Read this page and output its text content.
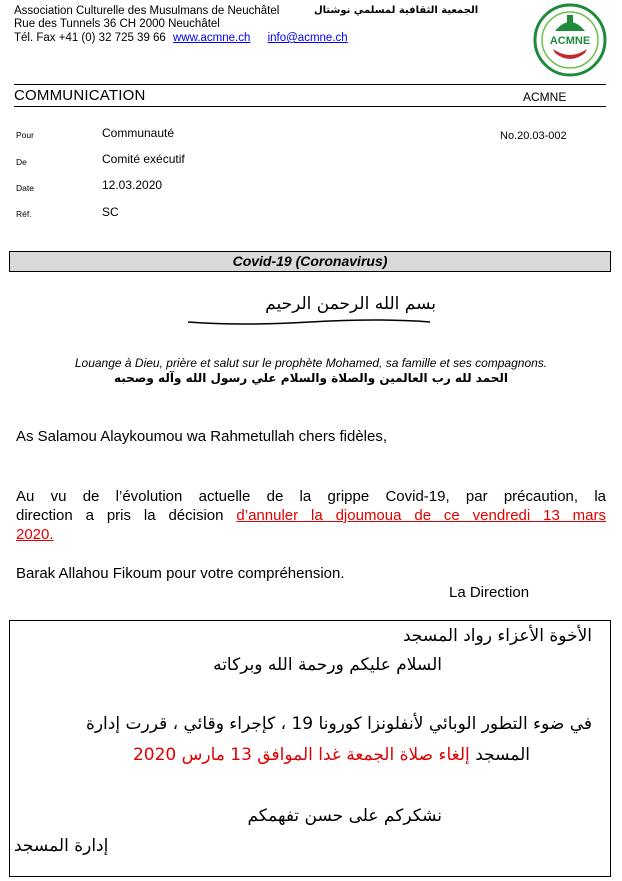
Association Culturelle des Musulmans de Neuchâtel	الجمعية الثقافية لمسلمي نوشتال
Rue des Tunnels 36 CH 2000 Neuchâtel
Tél. Fax +41 (0) 32 725 39 66 www.acmne.ch info@acmne.ch	ACMNE
COMMUNICATION	ACMNE
Pour	Communauté	No.20.03-002
De	Comité exécutif
Date	12.03.2020
Réf.	SC
Covid-19 (Coronavirus)
بسم الله الرحمن الرحيم
Louange à Dieu, prière et salut sur le prophète Mohamed, sa famille et ses compagnons.
الحمد لله رب العالمين والصلاة والسلام علي رسول الله وآله وصحبه
As Salamou Alaykoumou wa Rahmetullah chers fidèles,
Au vu de l’évolution actuelle de la grippe Covid-19, par précaution, la
direction a pris la décision d’annuler la djoumoua de ce vendredi 13 mars
2020.
Barak Allahou Fikoum pour votre compréhension.
La Direction
الأخوة الأعزاء رواد المسجد
السلام عليكم ورحمة الله وبركاته
في ضوء التطور الوبائي لأنفلونزا كورونا 19 ، كإجراء وقائي ، قررت إدارة
المسجد إلغاء صلاة الجمعة غدا الموافق 13 مارس 2020
نشكركم على حسن تفهمكم
إدارة المسجد
